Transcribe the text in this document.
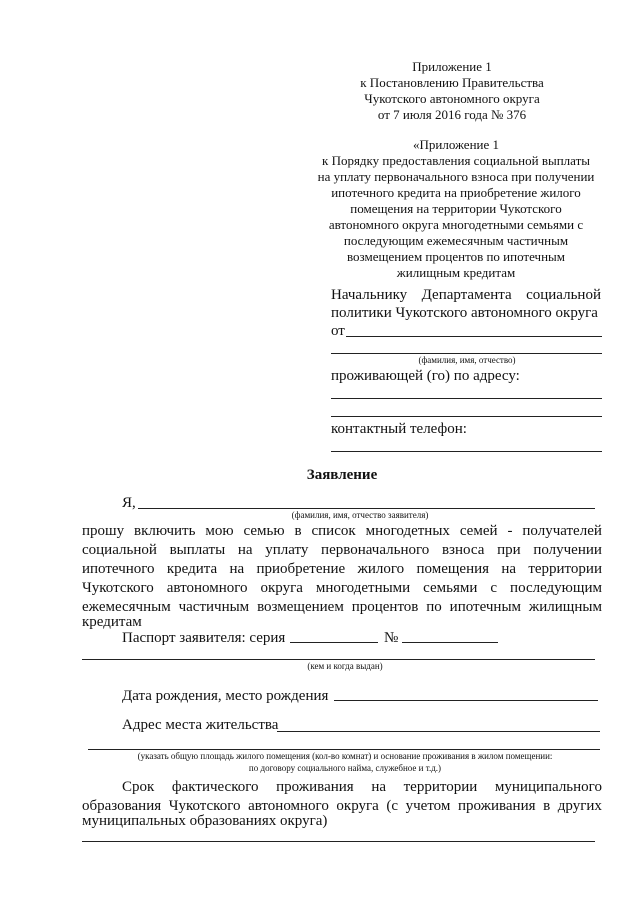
Приложение 1
к Постановлению Правительства
Чукотского автономного округа
от 7 июля 2016 года № 376
«Приложение 1
к Порядку предоставления социальной выплаты
на уплату первоначального взноса при получении
ипотечного кредита на приобретение жилого
помещения на территории Чукотского
автономного округа многодетными семьями с
последующим ежемесячным частичным
возмещением процентов по ипотечным
жилищным кредитам
Начальнику Департамента социальной
политики Чукотского автономного округа
от
(фамилия, имя, отчество)
проживающей (го) по адресу:
контактный телефон:
Заявление
Я,
(фамилия, имя, отчество заявителя)
прошу включить мою семью в список многодетных семей - получателей
социальной выплаты на уплату первоначального взноса при получении
ипотечного кредита на приобретение жилого помещения на территории
Чукотского автономного округа многодетными семьями с последующим
ежемесячным частичным возмещением процентов по ипотечным жилищным
кредитам
Паспорт заявителя: серия	№
(кем и когда выдан)
Дата рождения, место рождения
Адрес места жительства
(указать общую площадь жилого помещения (кол-во комнат) и основание проживания в жилом помещении:
по договору социального найма, служебное и т.д.)
Срок фактического проживания на территории муниципального
образования Чукотского автономного округа (с учетом проживания в других
муниципальных образованиях округа)
